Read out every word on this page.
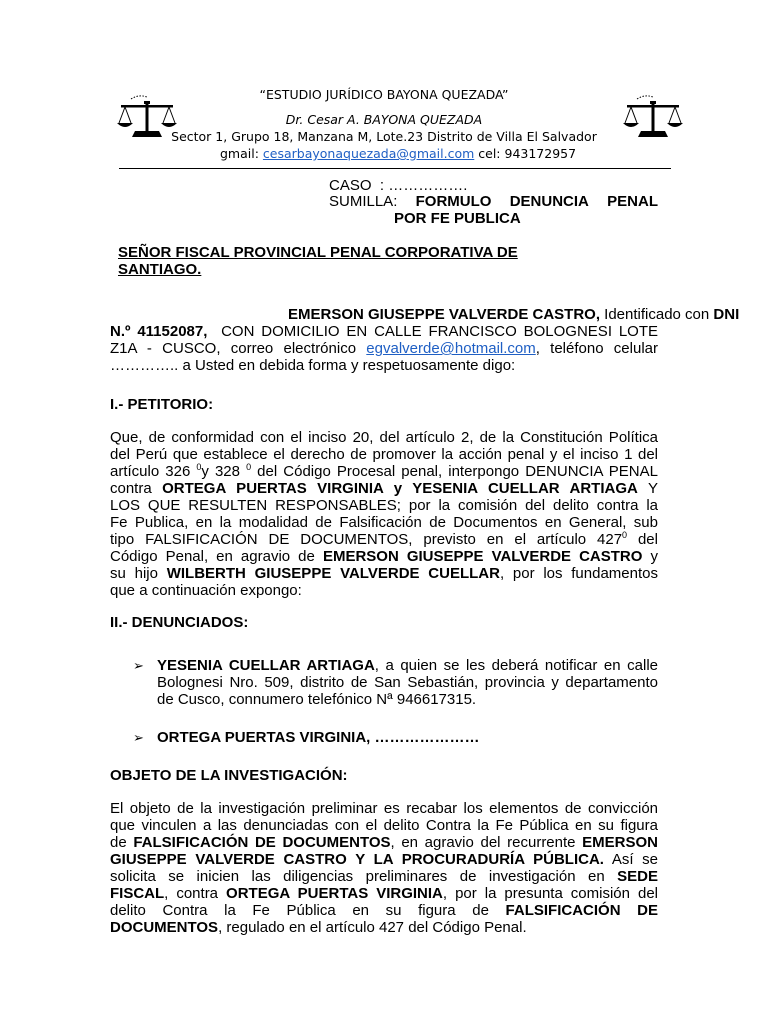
“ESTUDIO JURÍDICO BAYONA QUEZADA”
Dr. Cesar A. BAYONA QUEZADA
Sector 1, Grupo 18, Manzana M, Lote.23 Distrito de Villa El Salvador
gmail: cesarbayonaquezada@gmail.com cel: 943172957
CASO : …………….
SUMILLA: FORMULO DENUNCIA PENAL
POR FE PUBLICA
SEÑOR FISCAL PROVINCIAL PENAL CORPORATIVA DE
SANTIAGO.
EMERSON GIUSEPPE VALVERDE CASTRO, Identificado con DNI
N.º 41152087, CON DOMICILIO EN CALLE FRANCISCO BOLOGNESI LOTE
Z1A - CUSCO, correo electrónico egvalverde@hotmail.com, teléfono celular
………….. a Usted en debida forma y respetuosamente digo:
I.- PETITORIO:
Que, de conformidad con el inciso 20, del artículo 2, de la Constitución Política
del Perú que establece el derecho de promover la acción penal y el inciso 1 del
artículo 326 $^0$y 328 $^0$ del Código Procesal penal, interpongo DENUNCIA PENAL
contra ORTEGA PUERTAS VIRGINIA y YESENIA CUELLAR ARTIAGA Y
LOS QUE RESULTEN RESPONSABLES; por la comisión del delito contra la
Fe Publica, en la modalidad de Falsificación de Documentos en General, sub
tipo FALSIFICACIÓN DE DOCUMENTOS, previsto en el artículo $427^0$ del
Código Penal, en agravio de EMERSON GIUSEPPE VALVERDE CASTRO y
su hijo WILBERTH GIUSEPPE VALVERDE CUELLAR, por los fundamentos
que a continuación expongo:
II.- DENUNCIADOS:
➢ YESENIA CUELLAR ARTIAGA, a quien se les deberá notificar en calle
Bolognesi Nro. 509, distrito de San Sebastián, provincia y departamento
de Cusco, connumero telefónico Nª 946617315.
➢ ORTEGA PUERTAS VIRGINIA, …………………
OBJETO DE LA INVESTIGACIÓN:
El objeto de la investigación preliminar es recabar los elementos de convicción
que vinculen a las denunciadas con el delito Contra la Fe Pública en su figura
de FALSIFICACIÓN DE DOCUMENTOS, en agravio del recurrente EMERSON
GIUSEPPE VALVERDE CASTRO Y LA PROCURADURÍA PÚBLICA. Así se
solicita se inicien las diligencias preliminares de investigación en SEDE
FISCAL, contra ORTEGA PUERTAS VIRGINIA, por la presunta comisión del
delito Contra la Fe Pública en su figura de FALSIFICACIÓN DE
DOCUMENTOS, regulado en el artículo 427 del Código Penal.
